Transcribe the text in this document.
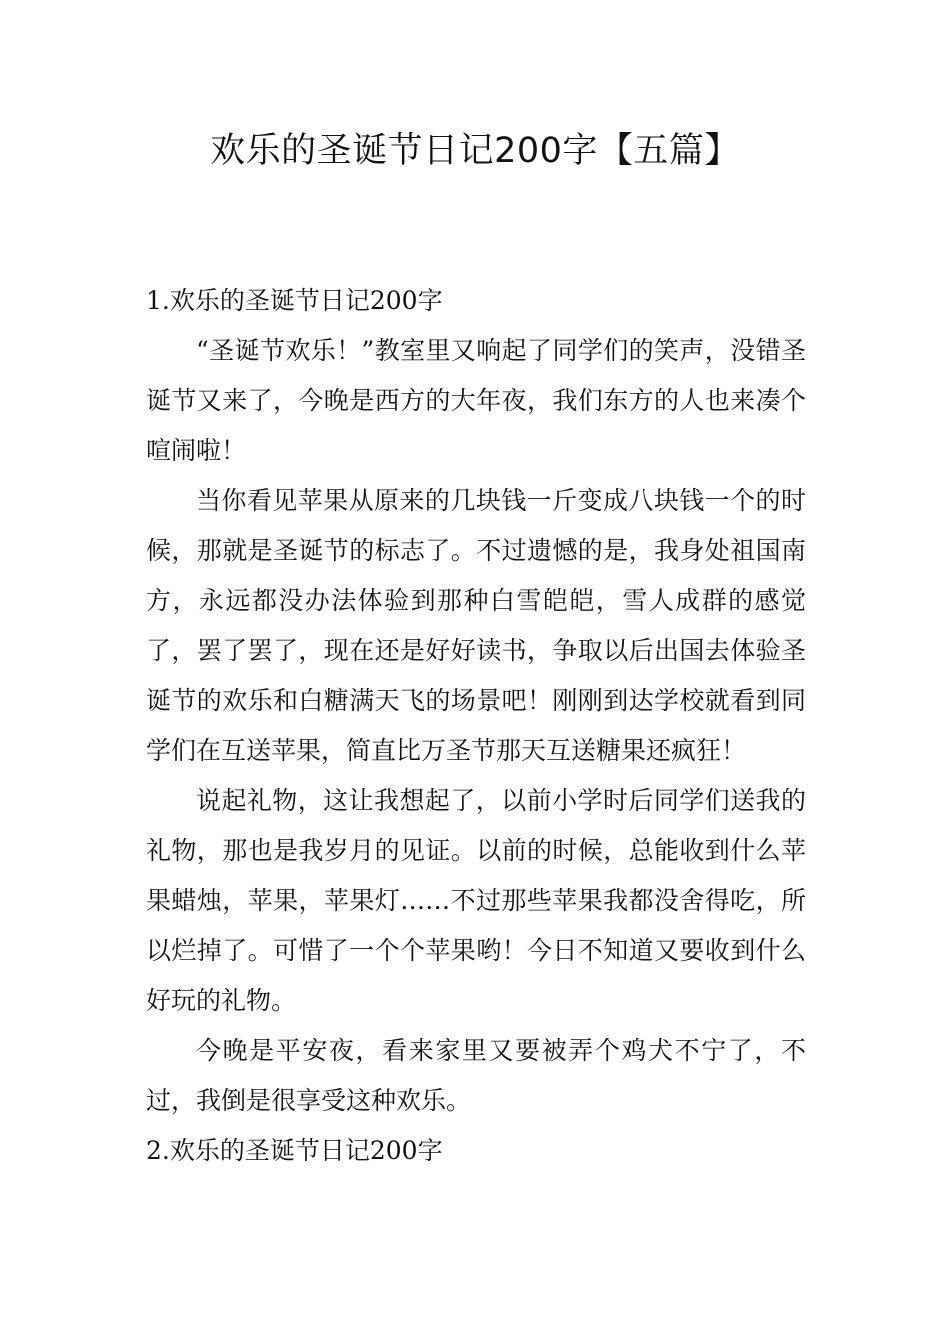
欢乐的圣诞节日记200字【五篇】

1.欢乐的圣诞节日记200字

“圣诞节欢乐！”教室里又响起了同学们的笑声，没错圣诞节又来了，今晚是西方的大年夜，我们东方的人也来凑个喧闹啦！

当你看见苹果从原来的几块钱一斤变成八块钱一个的时候，那就是圣诞节的标志了。不过遗憾的是，我身处祖国南方，永远都没办法体验到那种白雪皑皑，雪人成群的感觉了，罢了罢了，现在还是好好读书，争取以后出国去体验圣诞节的欢乐和白糖满天飞的场景吧！刚刚到达学校就看到同学们在互送苹果，简直比万圣节那天互送糖果还疯狂！

说起礼物，这让我想起了，以前小学时后同学们送我的礼物，那也是我岁月的见证。以前的时候，总能收到什么苹果蜡烛，苹果，苹果灯……不过那些苹果我都没舍得吃，所以烂掉了。可惜了一个个苹果哟！今日不知道又要收到什么好玩的礼物。

今晚是平安夜，看来家里又要被弄个鸡犬不宁了，不过，我倒是很享受这种欢乐。

2.欢乐的圣诞节日记200字
